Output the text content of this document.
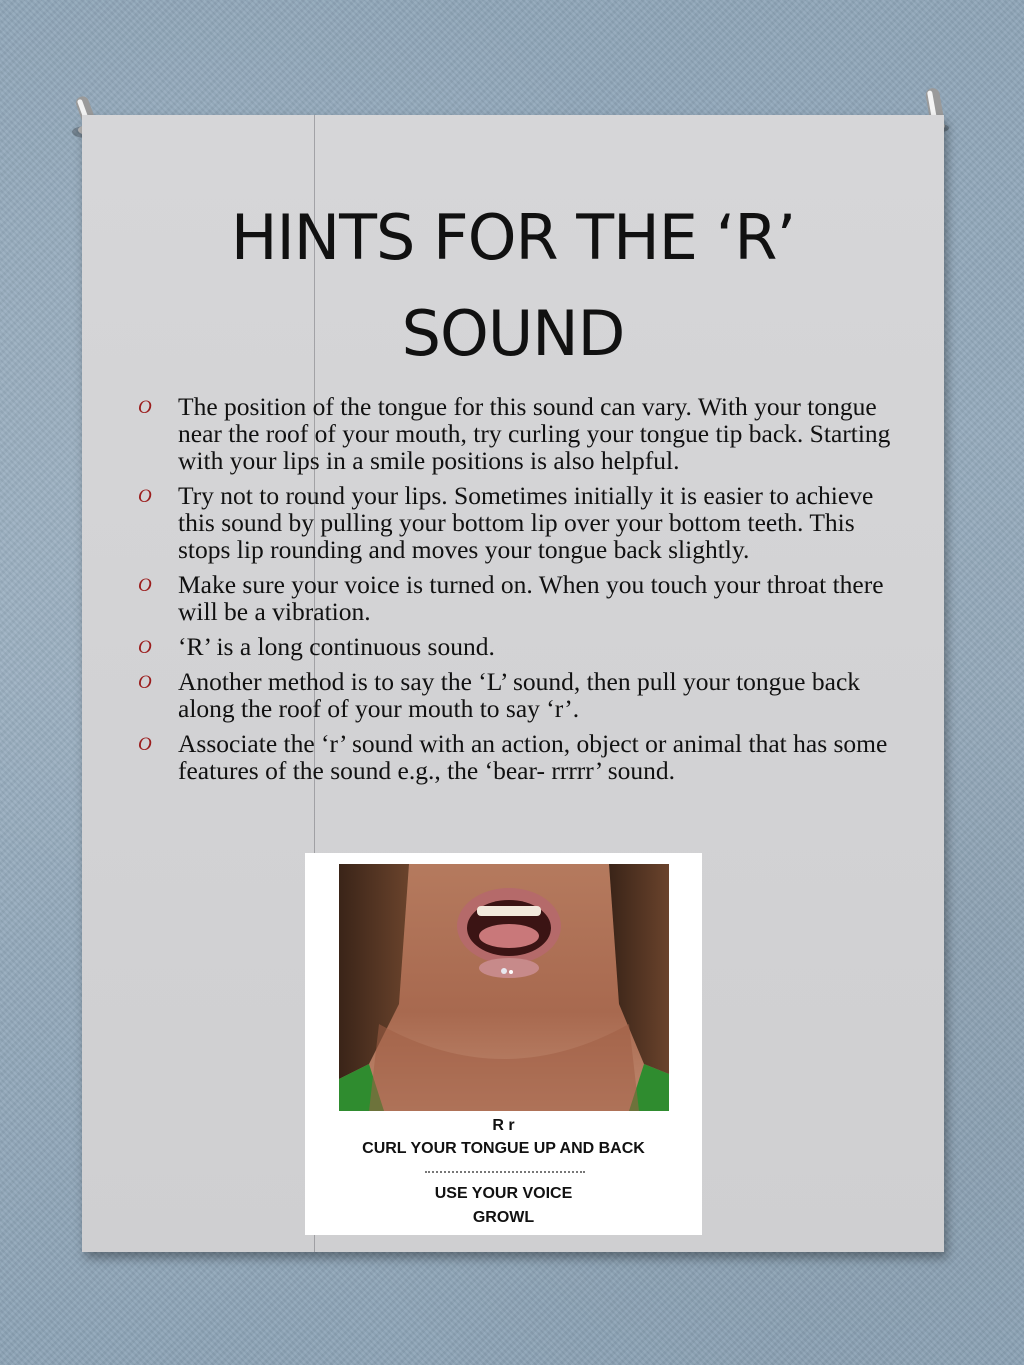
HINTS FOR THE ‘R’
SOUND
O The position of the tongue for this sound can vary. With your tongue near the roof of your mouth, try curling your tongue tip back. Starting with your lips in a smile positions is also helpful.
O Try not to round your lips. Sometimes initially it is easier to achieve this sound by pulling your bottom lip over your bottom teeth. This stops lip rounding and moves your tongue back slightly.
O Make sure your voice is turned on. When you touch your throat there will be a vibration.
O ‘R’ is a long continuous sound.
O Another method is to say the ‘L’ sound, then pull your tongue back along the roof of your mouth to say ‘r’.
O Associate the ‘r’ sound with an action, object or animal that has some features of the sound e.g., the ‘bear- rrrrr’ sound.
R r
CURL YOUR TONGUE UP AND BACK
USE YOUR VOICE
GROWL
